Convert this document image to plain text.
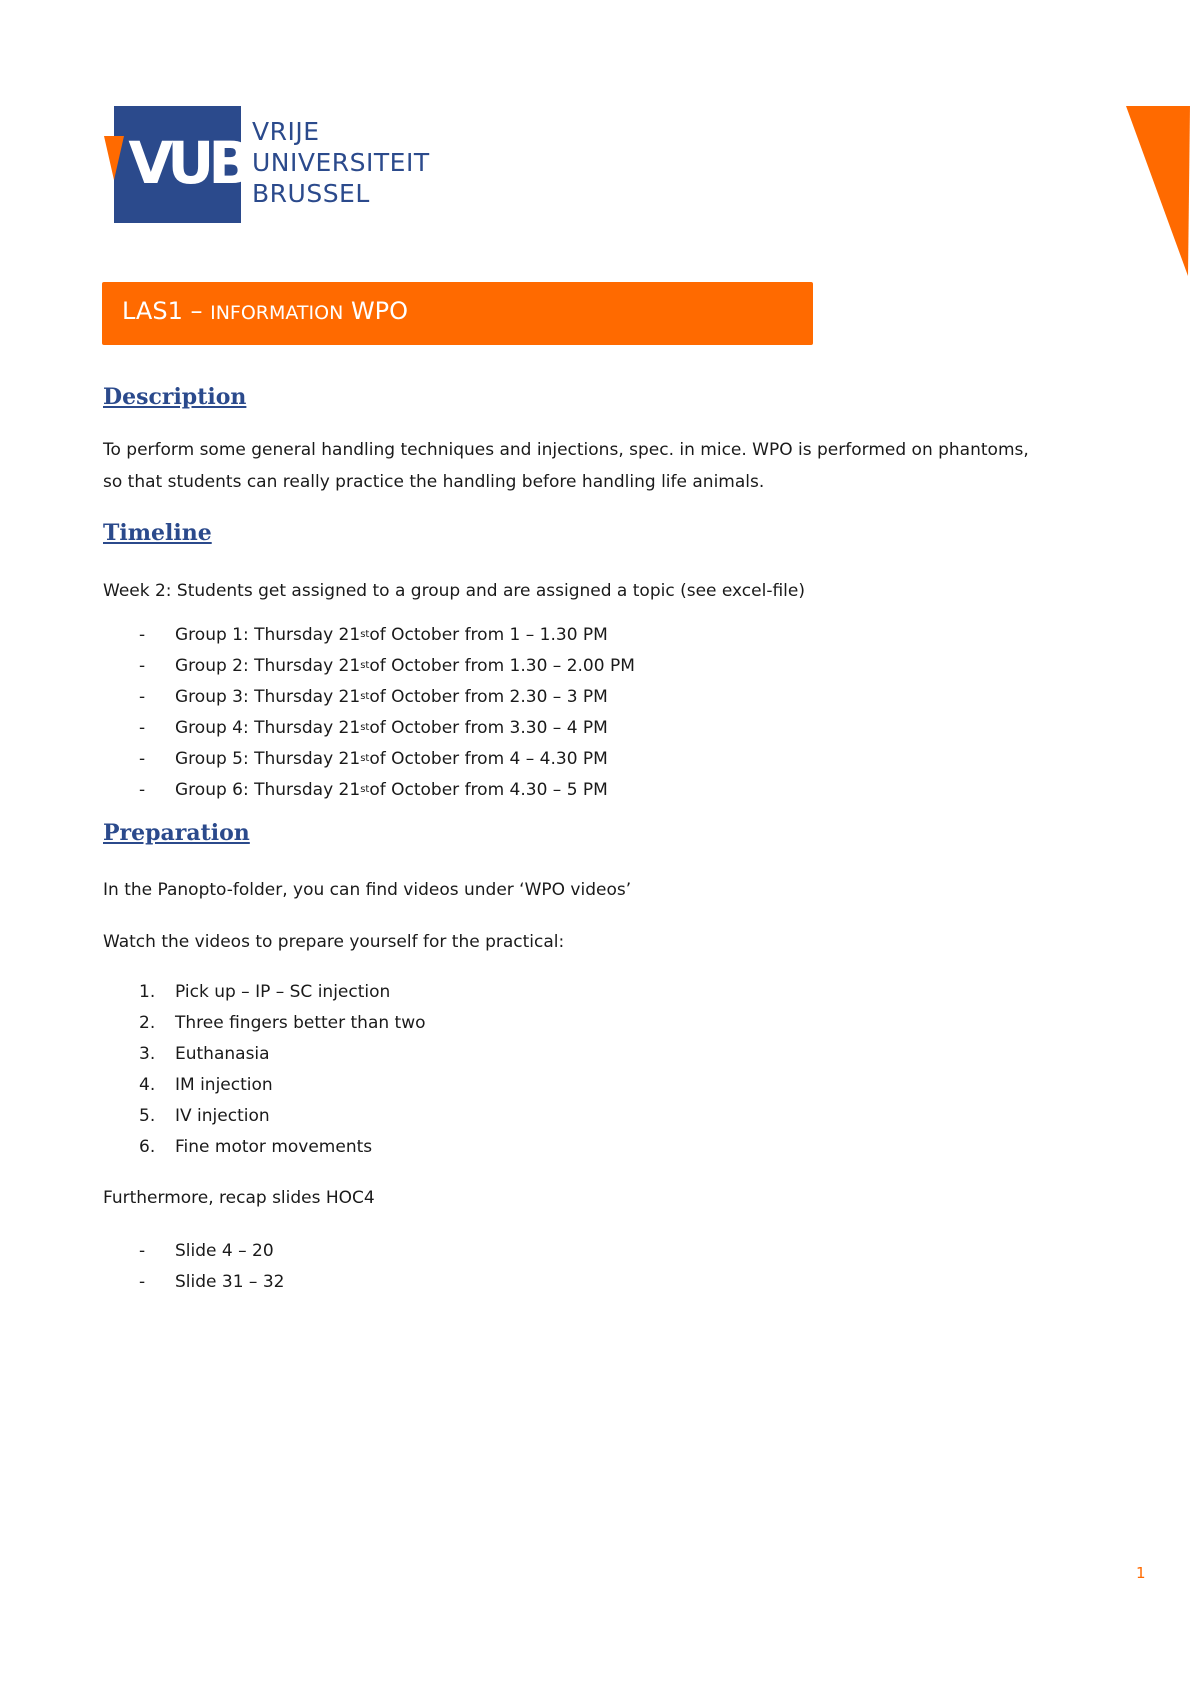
VUB VRIJE
UNIVERSITEIT
BRUSSEL
LAS1 – INFORMATION WPO
Description

To perform some general handling techniques and injections, spec. in mice. WPO is performed on phantoms,

so that students can really practice the handling before handling life animals.

Timeline

Week 2: Students get assigned to a group and are assigned a topic (see excel-file)

-	Group 1: Thursday 21 st of October from 1 – 1.30 PM
-	Group 2: Thursday 21 st of October from 1.30 – 2.00 PM
-	Group 3: Thursday 21 st of October from 2.30 – 3 PM
-	Group 4: Thursday 21 st of October from 3.30 – 4 PM
-	Group 5: Thursday 21 st of October from 4 – 4.30 PM
-	Group 6: Thursday 21 st of October from 4.30 – 5 PM
Preparation

In the Panopto-folder, you can find videos under ‘WPO videos’

Watch the videos to prepare yourself for the practical:

1.	Pick up – IP – SC injection
2.	Three fingers better than two
3.	Euthanasia
4.	IM injection
5.	IV injection
6.	Fine motor movements

Furthermore, recap slides HOC4

-	Slide 4 – 20
-	Slide 31 – 32
1
